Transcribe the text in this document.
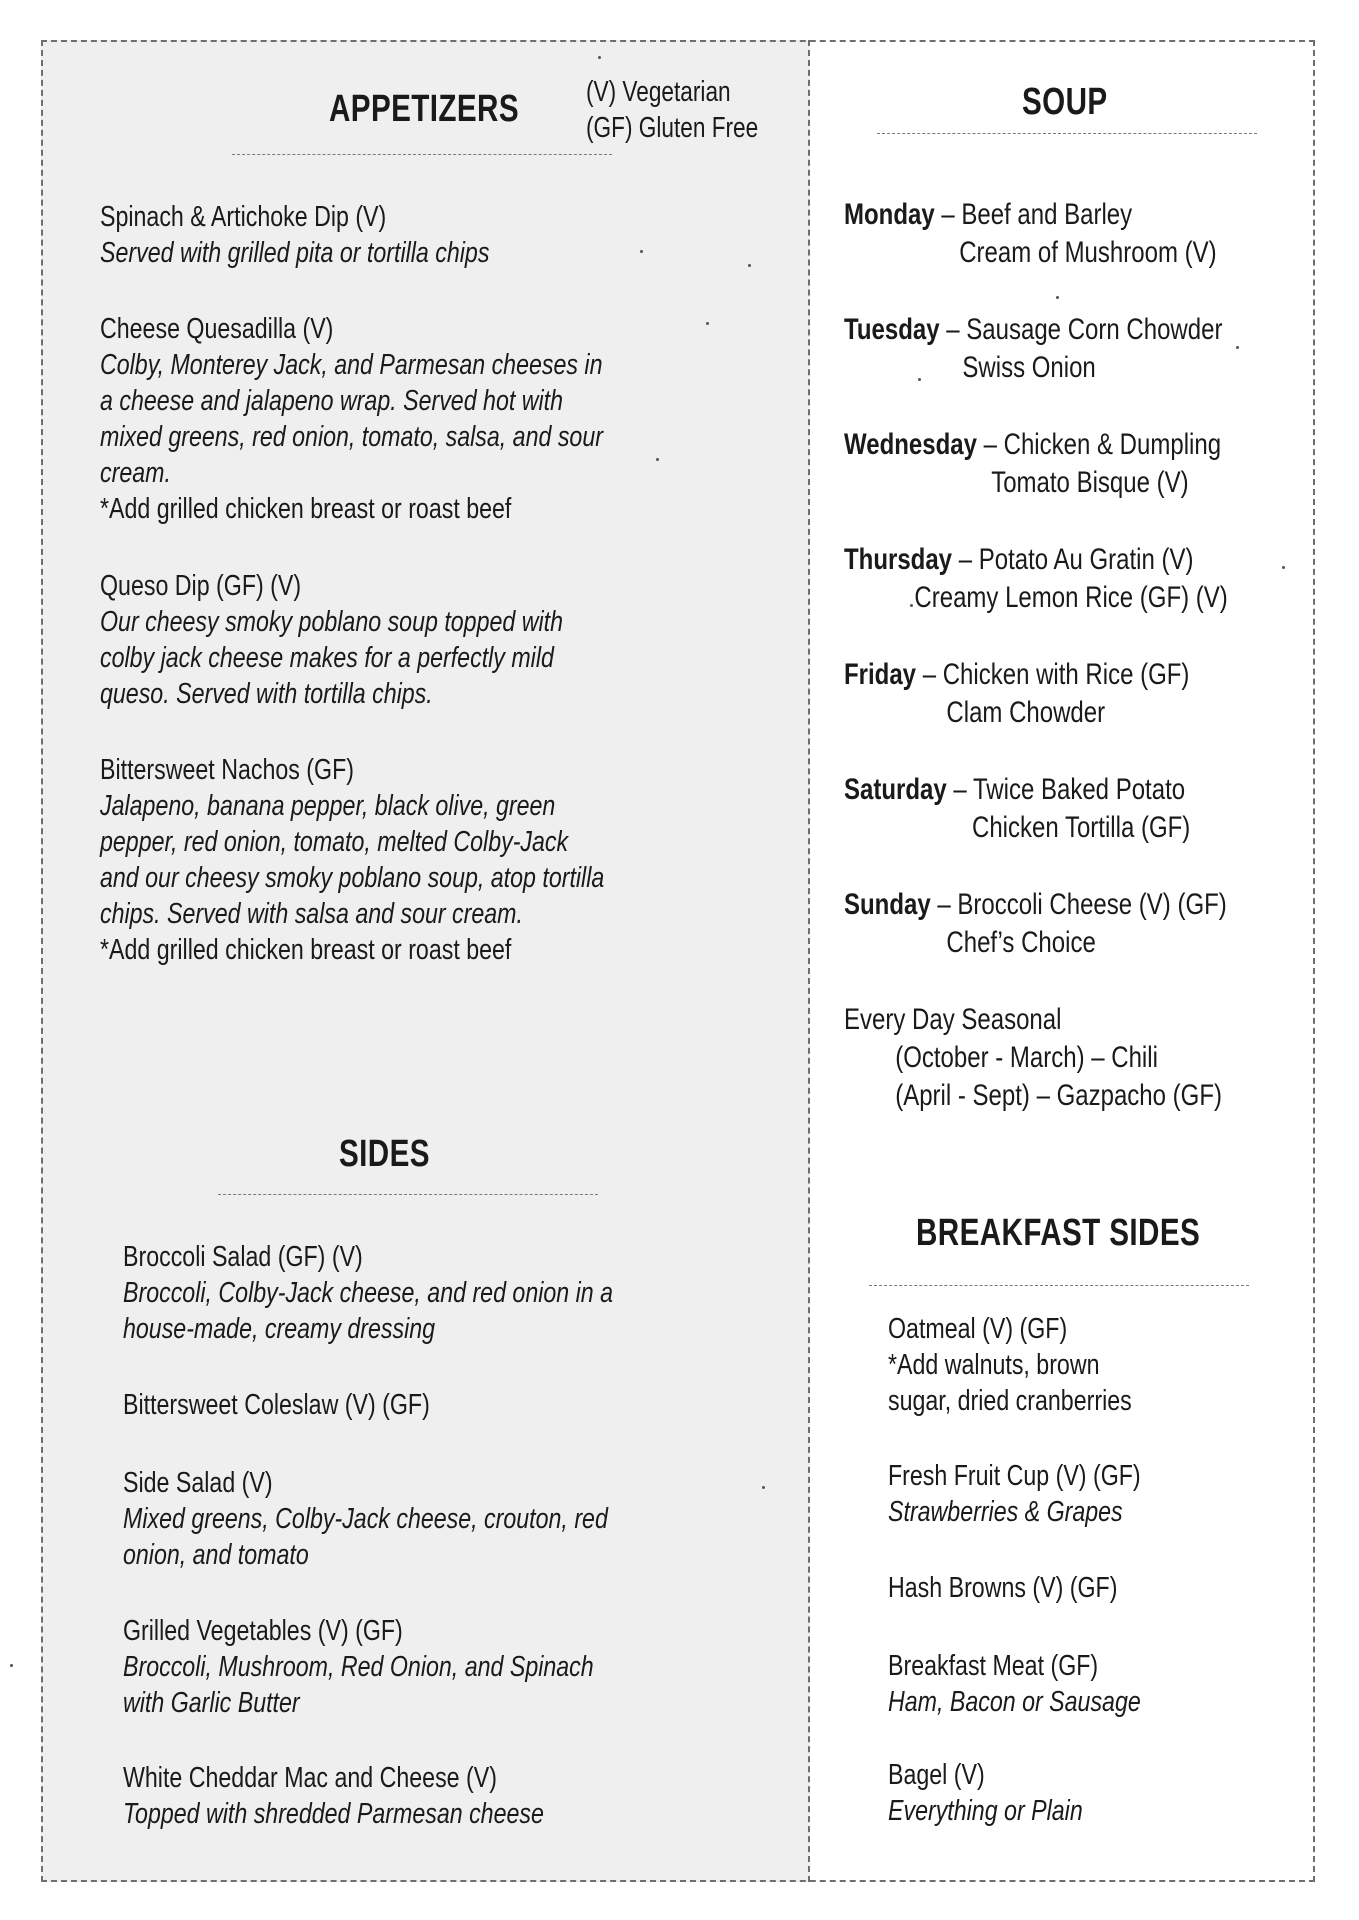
APPETIZERS (V) Vegetarian
(GF) Gluten Free
Spinach & Artichoke Dip (V)
Served with grilled pita or tortilla chips
Cheese Quesadilla (V)
Colby, Monterey Jack, and Parmesan cheeses in
a cheese and jalapeno wrap. Served hot with
mixed greens, red onion, tomato, salsa, and sour
cream.
*Add grilled chicken breast or roast beef
Queso Dip (GF) (V)
Our cheesy smoky poblano soup topped with
colby jack cheese makes for a perfectly mild
queso. Served with tortilla chips.
Bittersweet Nachos (GF)
Jalapeno, banana pepper, black olive, green
pepper, red onion, tomato, melted Colby-Jack
and our cheesy smoky poblano soup, atop tortilla
chips. Served with salsa and sour cream.
*Add grilled chicken breast or roast beef
SIDES
Broccoli Salad (GF) (V)
Broccoli, Colby-Jack cheese, and red onion in a
house-made, creamy dressing
Bittersweet Coleslaw (V) (GF)
Side Salad (V)
Mixed greens, Colby-Jack cheese, crouton, red
onion, and tomato
Grilled Vegetables (V) (GF)
Broccoli, Mushroom, Red Onion, and Spinach
with Garlic Butter
White Cheddar Mac and Cheese (V)
Topped with shredded Parmesan cheese
SOUP
Monday – Beef and Barley
Cream of Mushroom (V)
Tuesday – Sausage Corn Chowder
Swiss Onion
Wednesday – Chicken & Dumpling
Tomato Bisque (V)
Thursday – Potato Au Gratin (V)
Creamy Lemon Rice (GF) (V)
Friday – Chicken with Rice (GF)
Clam Chowder
Saturday – Twice Baked Potato
Chicken Tortilla (GF)
Sunday – Broccoli Cheese (V) (GF)
Chef’s Choice
Every Day Seasonal
(October - March) – Chili
(April - Sept) – Gazpacho (GF)
BREAKFAST SIDES
Oatmeal (V) (GF)
*Add walnuts, brown
sugar, dried cranberries
Fresh Fruit Cup (V) (GF)
Strawberries & Grapes
Hash Browns (V) (GF)
Breakfast Meat (GF)
Ham, Bacon or Sausage
Bagel (V)
Everything or Plain
